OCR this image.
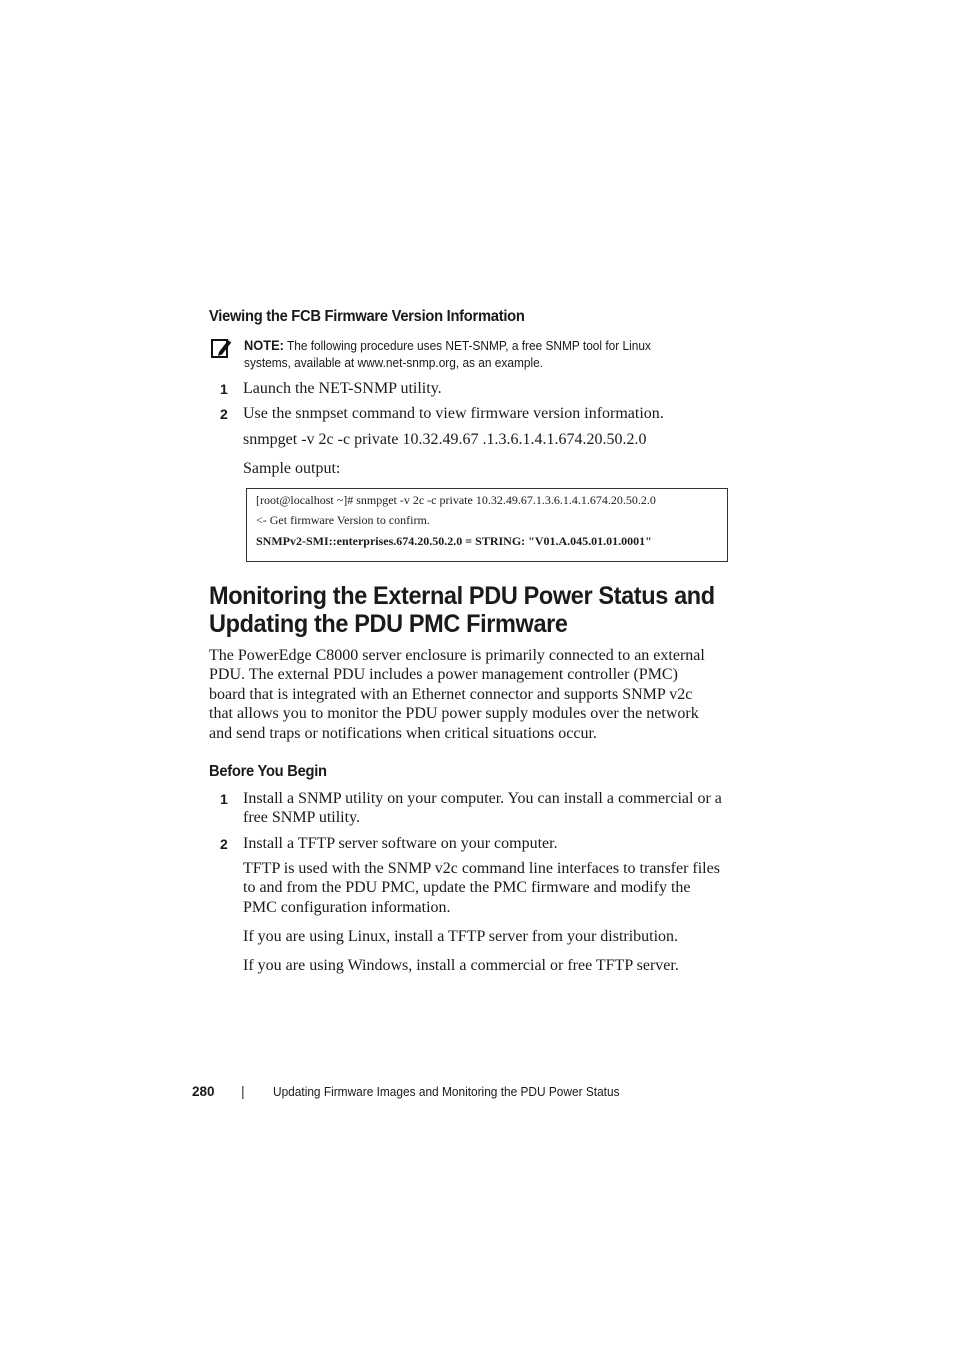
Viewing the FCB Firmware Version Information
NOTE: The following procedure uses NET-SNMP, a free SNMP tool for Linux
systems, available at www.net-snmp.org, as an example.
1 Launch the NET-SNMP utility.
2 Use the snmpset command to view firmware version information.
snmpget -v 2c -c private 10.32.49.67 .1.3.6.1.4.1.674.20.50.2.0
Sample output:
[root@localhost ~]# snmpget -v 2c -c private 10.32.49.67.1.3.6.1.4.1.674.20.50.2.0
<- Get firmware Version to confirm.
SNMPv2-SMI::enterprises.674.20.50.2.0 = STRING: "V01.A.045.01.01.0001"
Monitoring the External PDU Power Status and
Updating the PDU PMC Firmware
The PowerEdge C8000 server enclosure is primarily connected to an external
PDU. The external PDU includes a power management controller (PMC)
board that is integrated with an Ethernet connector and supports SNMP v2c
that allows you to monitor the PDU power supply modules over the network
and send traps or notifications when critical situations occur.
Before You Begin
1 Install a SNMP utility on your computer. You can install a commercial or a
free SNMP utility.
2 Install a TFTP server software on your computer.
TFTP is used with the SNMP v2c command line interfaces to transfer files
to and from the PDU PMC, update the PMC firmware and modify the
PMC configuration information.
If you are using Linux, install a TFTP server from your distribution.
If you are using Windows, install a commercial or free TFTP server.
280 | Updating Firmware Images and Monitoring the PDU Power Status
